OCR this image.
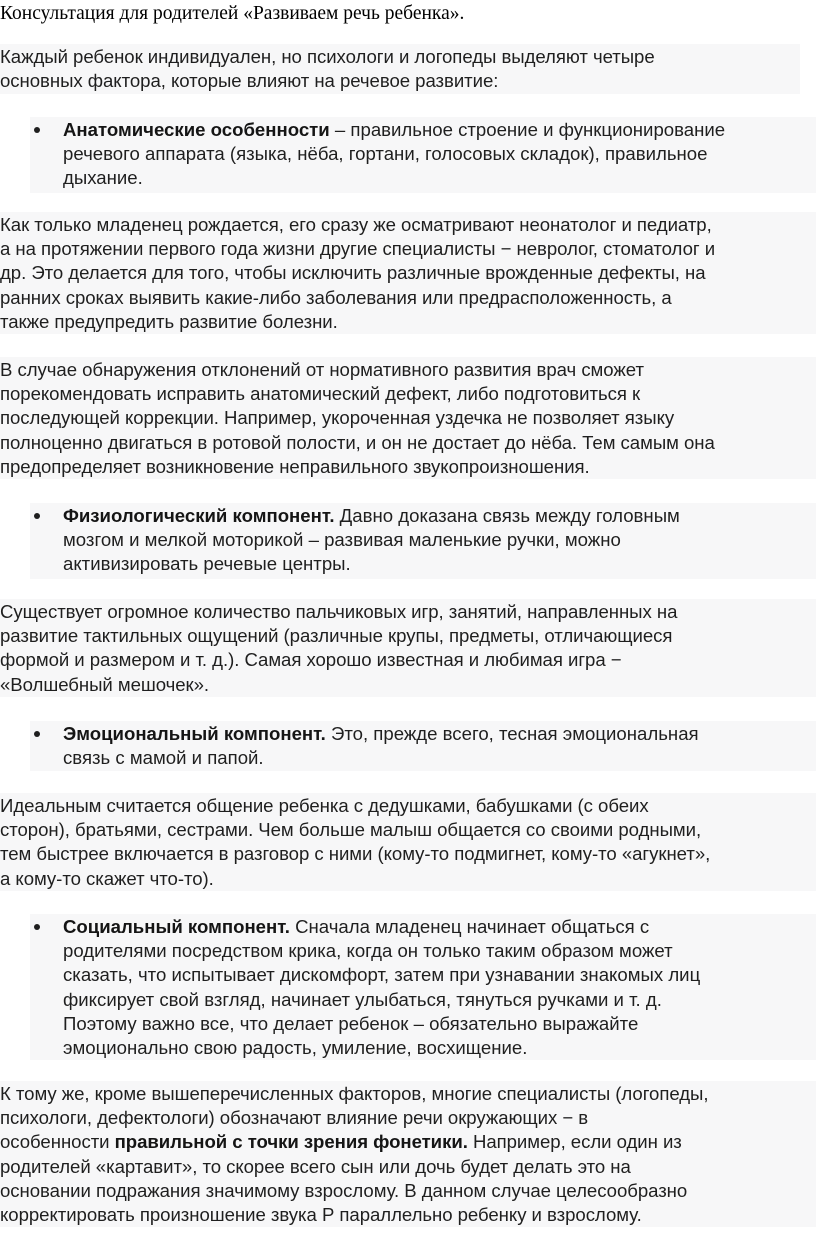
Консультация для родителей «Развиваем речь ребенка».
Каждый ребенок индивидуален, но психологи и логопеды выделяют четыре
основных фактора, которые влияют на речевое развитие:
Анатомические особенности – правильное строение и функционирование
речевого аппарата (языка, нёба, гортани, голосовых складок), правильное
дыхание.
Как только младенец рождается, его сразу же осматривают неонатолог и педиатр,
а на протяжении первого года жизни другие специалисты − невролог, стоматолог и
др. Это делается для того, чтобы исключить различные врожденные дефекты, на
ранних сроках выявить какие-либо заболевания или предрасположенность, а
также предупредить развитие болезни.
В случае обнаружения отклонений от нормативного развития врач сможет
порекомендовать исправить анатомический дефект, либо подготовиться к
последующей коррекции. Например, укороченная уздечка не позволяет языку
полноценно двигаться в ротовой полости, и он не достает до нёба. Тем самым она
предопределяет возникновение неправильного звукопроизношения.
Физиологический компонент. Давно доказана связь между головным
мозгом и мелкой моторикой – развивая маленькие ручки, можно
активизировать речевые центры.
Существует огромное количество пальчиковых игр, занятий, направленных на
развитие тактильных ощущений (различные крупы, предметы, отличающиеся
формой и размером и т. д.). Самая хорошо известная и любимая игра −
«Волшебный мешочек».
Эмоциональный компонент. Это, прежде всего, тесная эмоциональная
связь с мамой и папой.
Идеальным считается общение ребенка с дедушками, бабушками (с обеих
сторон), братьями, сестрами. Чем больше малыш общается со своими родными,
тем быстрее включается в разговор с ними (кому-то подмигнет, кому-то «агукнет»,
а кому-то скажет что-то).
Социальный компонент. Сначала младенец начинает общаться с
родителями посредством крика, когда он только таким образом может
сказать, что испытывает дискомфорт, затем при узнавании знакомых лиц
фиксирует свой взгляд, начинает улыбаться, тянуться ручками и т. д.
Поэтому важно все, что делает ребенок – обязательно выражайте
эмоционально свою радость, умиление, восхищение.
К тому же, кроме вышеперечисленных факторов, многие специалисты (логопеды,
психологи, дефектологи) обозначают влияние речи окружающих − в
особенности правильной с точки зрения фонетики. Например, если один из
родителей «картавит», то скорее всего сын или дочь будет делать это на
основании подражания значимому взрослому. В данном случае целесообразно
корректировать произношение звука Р параллельно ребенку и взрослому.
